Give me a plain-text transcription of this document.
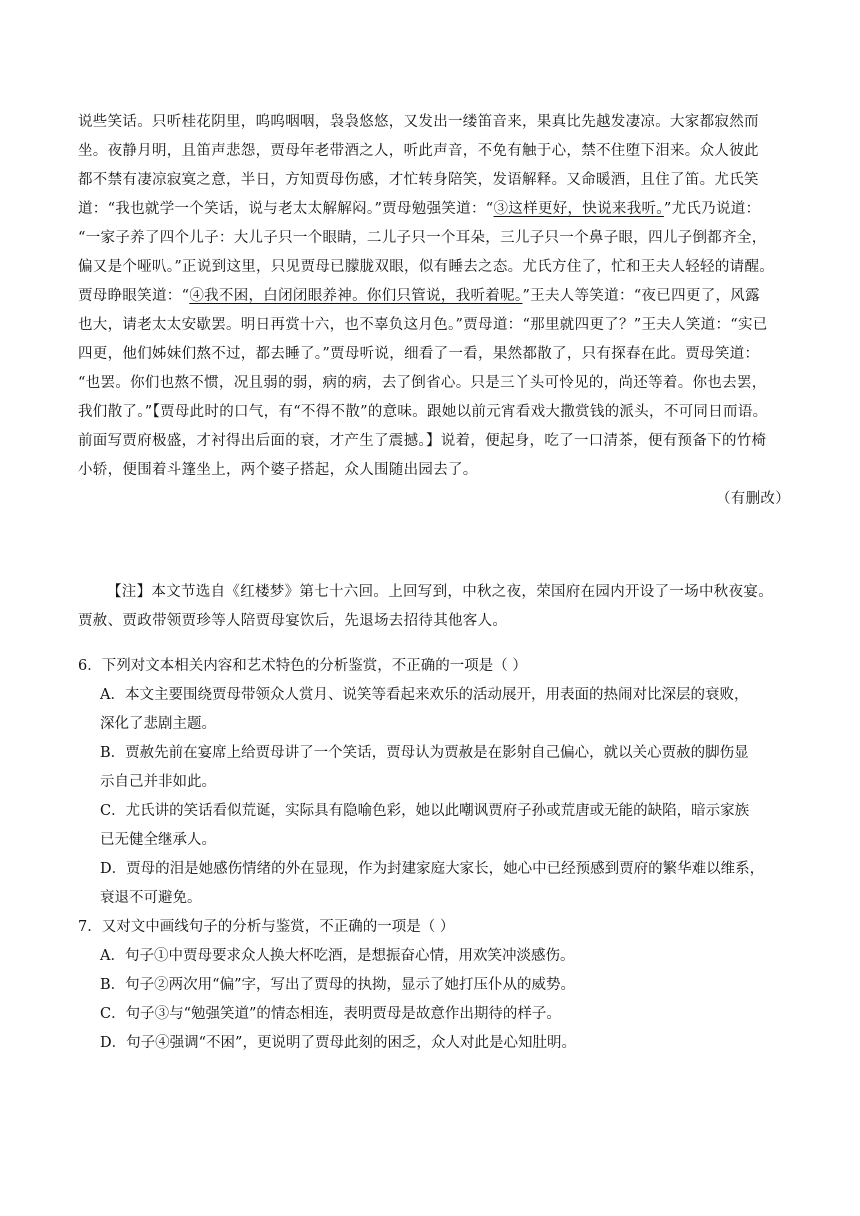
说些笑话。只听桂花阴里，呜呜咽咽，袅袅悠悠，又发出一缕笛音来，果真比先越发凄凉。大家都寂然而
坐。夜静月明，且笛声悲怨，贾母年老带酒之人，听此声音，不免有触于心，禁不住堕下泪来。众人彼此
都不禁有凄凉寂寞之意，半日，方知贾母伤感，才忙转身陪笑，发语解释。又命暖酒，且住了笛。尤氏笑
道：“我也就学一个笑话，说与老太太解解闷。”贾母勉强笑道：“③这样更好，快说来我听。”尤氏乃说道：
“一家子养了四个儿子：大儿子只一个眼睛，二儿子只一个耳朵，三儿子只一个鼻子眼，四儿子倒都齐全，
偏又是个哑叭。”正说到这里，只见贾母已朦胧双眼，似有睡去之态。尤氏方住了，忙和王夫人轻轻的请醒。
贾母睁眼笑道：“④我不困，白闭闭眼养神。你们只管说，我听着呢。”王夫人等笑道：“夜已四更了，风露
也大，请老太太安歇罢。明日再赏十六，也不辜负这月色。”贾母道：“那里就四更了？”王夫人笑道：“实已
四更，他们姊妹们熬不过，都去睡了。”贾母听说，细看了一看，果然都散了，只有探春在此。贾母笑道：
“也罢。你们也熬不惯，况且弱的弱，病的病，去了倒省心。只是三丫头可怜见的，尚还等着。你也去罢，
我们散了。”【贾母此时的口气，有“不得不散”的意味。跟她以前元宵看戏大撒赏钱的派头，不可同日而语。
前面写贾府极盛，才衬得出后面的衰，才产生了震撼。】说着，便起身，吃了一口清茶，便有预备下的竹椅
小轿，便围着斗篷坐上，两个婆子搭起，众人围随出园去了。
（有删改）
【注】本文节选自《红楼梦》第七十六回。上回写到，中秋之夜，荣国府在园内开设了一场中秋夜宴。
贾赦、贾政带领贾珍等人陪贾母宴饮后，先退场去招待其他客人。
6．下列对文本相关内容和艺术特色的分析鉴赏，不正确的一项是（ ）
A．本文主要围绕贾母带领众人赏月、说笑等看起来欢乐的活动展开，用表面的热闹对比深层的衰败，
深化了悲剧主题。
B．贾赦先前在宴席上给贾母讲了一个笑话，贾母认为贾赦是在影射自己偏心，就以关心贾赦的脚伤显
示自己并非如此。
C．尤氏讲的笑话看似荒诞，实际具有隐喻色彩，她以此嘲讽贾府子孙或荒唐或无能的缺陷，暗示家族
已无健全继承人。
D．贾母的泪是她感伤情绪的外在显现，作为封建家庭大家长，她心中已经预感到贾府的繁华难以维系，
衰退不可避免。
7．又对文中画线句子的分析与鉴赏，不正确的一项是（ ）
A．句子①中贾母要求众人换大杯吃酒，是想振奋心情，用欢笑冲淡感伤。
B．句子②两次用“偏”字，写出了贾母的执拗，显示了她打压仆从的威势。
C．句子③与“勉强笑道”的情态相连，表明贾母是故意作出期待的样子。
D．句子④强调“不困”，更说明了贾母此刻的困乏，众人对此是心知肚明。
